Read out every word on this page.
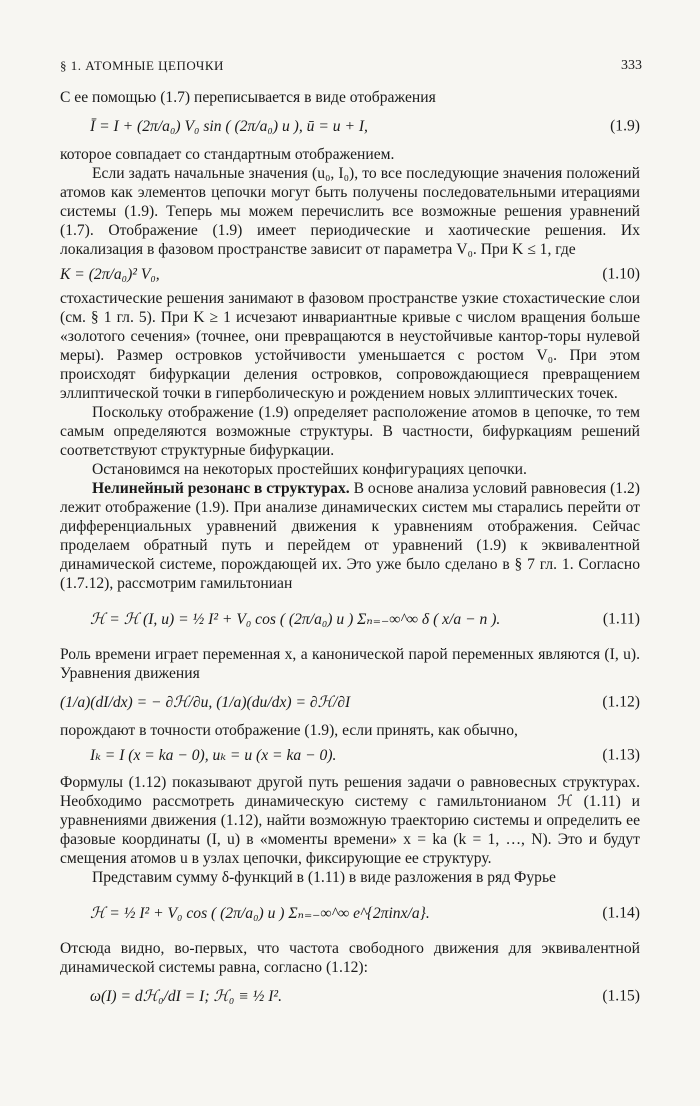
§ 1. АТОМНЫЕ ЦЕПОЧКИ	333

С ее помощью (1.7) переписывается в виде отображения

Ī = I + (2π/a₀) V₀ sin ( (2π/a₀) u ), ū = u + I,	(1.9)

которое совпадает со стандартным отображением.

Если задать начальные значения (u₀, I₀), то все последующие значения положений атомов как элементов цепочки могут быть получены последовательными итерациями системы (1.9). Теперь мы можем перечислить все возможные решения уравнений (1.7). Отображение (1.9) имеет периодические и хаотические решения. Их локализация в фазовом пространстве зависит от параметра V₀. При K ≤ 1, где

K = (2π/a₀)² V₀,	(1.10)

стохастические решения занимают в фазовом пространстве узкие стохастические слои (см. § 1 гл. 5). При K ≥ 1 исчезают инвариантные кривые с числом вращения больше «золотого сечения» (точнее, они превращаются в неустойчивые кантор-торы нулевой меры). Размер островков устойчивости уменьшается с ростом V₀. При этом происходят бифуркации деления островков, сопровождающиеся превращением эллиптической точки в гиперболическую и рождением новых эллиптических точек.

Поскольку отображение (1.9) определяет расположение атомов в цепочке, то тем самым определяются возможные структуры. В частности, бифуркациям решений соответствуют структурные бифуркации.

Остановимся на некоторых простейших конфигурациях цепочки.

Нелинейный резонанс в структурах. В основе анализа условий равновесия (1.2) лежит отображение (1.9). При анализе динамических систем мы старались перейти от дифференциальных уравнений движения к уравнениям отображения. Сейчас проделаем обратный путь и перейдем от уравнений (1.9) к эквивалентной динамической системе, порождающей их. Это уже было сделано в § 7 гл. 1. Согласно (1.7.12), рассмотрим гамильтониан

ℋ = ℋ (I, u) = ½ I² + V₀ cos ( (2π/a₀) u ) Σₙ₌₋∞^∞ δ ( x/a − n ).	(1.11)

Роль времени играет переменная x, а канонической парой переменных являются (I, u). Уравнения движения

(1/a)(dI/dx) = − ∂ℋ/∂u, (1/a)(du/dx) = ∂ℋ/∂I	(1.12)

порождают в точности отображение (1.9), если принять, как обычно,

Iₖ = I (x = ka − 0), uₖ = u (x = ka − 0).	(1.13)

Формулы (1.12) показывают другой путь решения задачи о равновесных структурах. Необходимо рассмотреть динамическую систему с гамильтонианом ℋ (1.11) и уравнениями движения (1.12), найти возможную траекторию системы и определить ее фазовые координаты (I, u) в «моменты времени» x = ka (k = 1, …, N). Это и будут смещения атомов u в узлах цепочки, фиксирующие ее структуру.

Представим сумму δ-функций в (1.11) в виде разложения в ряд Фурье

ℋ = ½ I² + V₀ cos ( (2π/a₀) u ) Σₙ₌₋∞^∞ e^{2πinx/a}.	(1.14)

Отсюда видно, во-первых, что частота свободного движения для эквивалентной динамической системы равна, согласно (1.12):

ω(I) = dℋ₀/dI = I; ℋ₀ ≡ ½ I².	(1.15)
